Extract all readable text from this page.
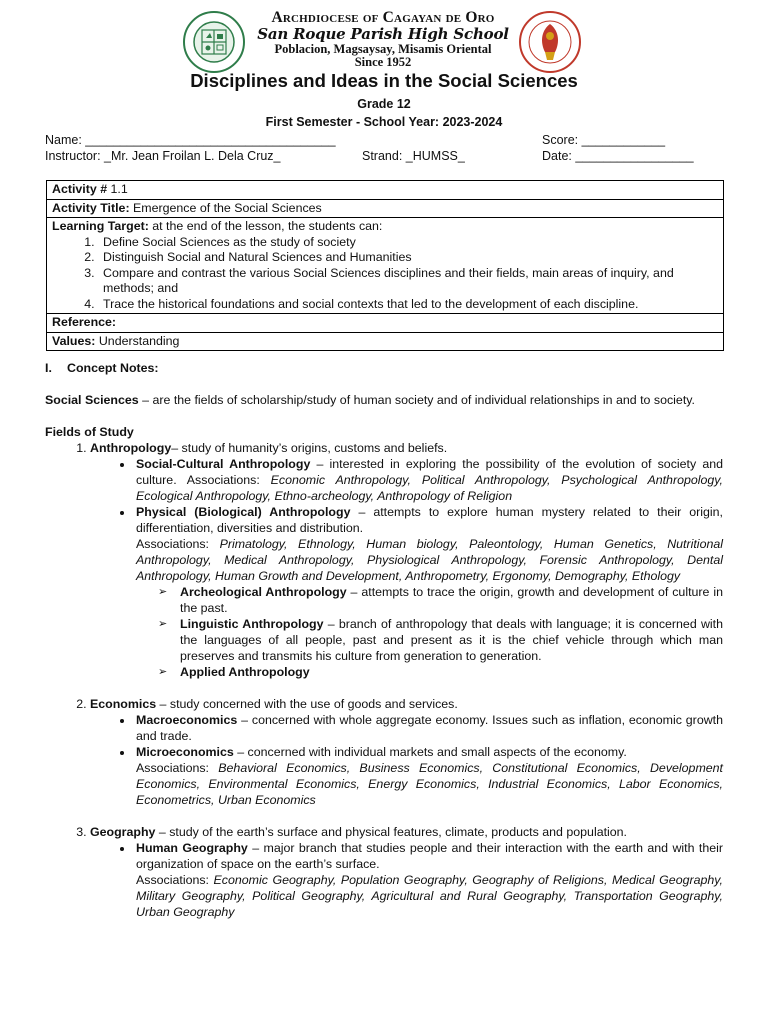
Archdiocese of Cagayan de Oro
San Roque Parish High School
Poblacion, Magsaysay, Misamis Oriental
Since 1952
Disciplines and Ideas in the Social Sciences
Grade 12
First Semester - School Year: 2023-2024
Name: ____________________________________	Score: ____________
Instructor: _Mr. Jean Froilan L. Dela Cruz_	Strand: _HUMSS_	Date: _________________
Activity # 1.1
Activity Title: Emergence of the Social Sciences
Learning Target: at the end of the lesson, the students can:
1. Define Social Sciences as the study of society
2. Distinguish Social and Natural Sciences and Humanities
3. Compare and contrast the various Social Sciences disciplines and their fields, main areas of inquiry, and methods; and
4. Trace the historical foundations and social contexts that led to the development of each discipline.

Reference:
Values: Understanding

I. Concept Notes:

Social Sciences – are the fields of scholarship/study of human society and of individual relationships in and to society.

Fields of Study

1. Anthropology– study of humanity’s origins, customs and beliefs.
• Social-Cultural Anthropology – interested in exploring the possibility of the evolution of society and culture. Associations: Economic Anthropology, Political Anthropology, Psychological Anthropology, Ecological Anthropology, Ethno-archeology, Anthropology of Religion
• Physical (Biological) Anthropology – attempts to explore human mystery related to their origin, differentiation, diversities and distribution.
Associations: Primatology, Ethnology, Human biology, Paleontology, Human Genetics, Nutritional Anthropology, Medical Anthropology, Physiological Anthropology, Forensic Anthropology, Dental Anthropology, Human Growth and Development, Anthropometry, Ergonomy, Demography, Ethology
➢ Archeological Anthropology – attempts to trace the origin, growth and development of culture in the past.
➢ Linguistic Anthropology – branch of anthropology that deals with language; it is concerned with the languages of all people, past and present as it is the chief vehicle through which man preserves and transmits his culture from generation to generation.
➢ Applied Anthropology
2. Economics – study concerned with the use of goods and services.
• Macroeconomics – concerned with whole aggregate economy. Issues such as inflation, economic growth and trade.
• Microeconomics – concerned with individual markets and small aspects of the economy.
Associations: Behavioral Economics, Business Economics, Constitutional Economics, Development Economics, Environmental Economics, Energy Economics, Industrial Economics, Labor Economics, Econometrics, Urban Economics
3. Geography – study of the earth’s surface and physical features, climate, products and population.
• Human Geography – major branch that studies people and their interaction with the earth and with their organization of space on the earth’s surface.
Associations: Economic Geography, Population Geography, Geography of Religions, Medical Geography, Military Geography, Political Geography, Agricultural and Rural Geography, Transportation Geography, Urban Geography
